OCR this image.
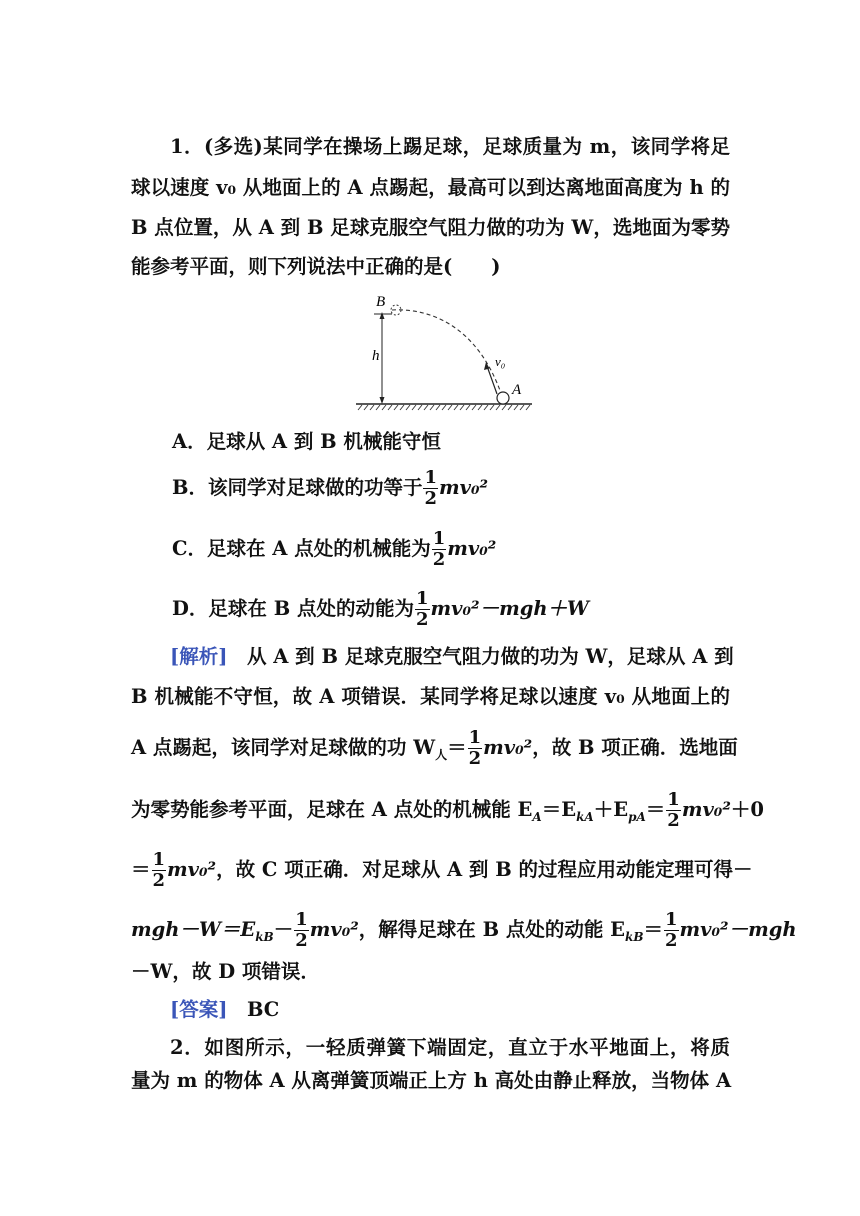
1．(多选)某同学在操场上踢足球，足球质量为 m，该同学将足
球以速度 v₀ 从地面上的 A 点踢起，最高可以到达离地面高度为 h 的
B 点位置，从 A 到 B 足球克服空气阻力做的功为 W，选地面为零势
能参考平面，则下列说法中正确的是(　　)
B
h	v₀
A
A．足球从 A 到 B 机械能守恒
B．该同学对足球做的功等于 $\frac{1}{2} mv_0^2$
C．足球在 A 点处的机械能为 $\frac{1}{2} mv_0^2$
D．足球在 B 点处的动能为 $\frac{1}{2} mv_0^2-mgh+W$
[解析]　 从 A 到 B 足球克服空气阻力做的功为 W，足球从 A 到
B 机械能不守恒，故 A 项错误．某同学将足球以速度 v₀ 从地面上的
A 点踢起，该同学对足球做的功 $W_人= \frac{1}{2} mv_0^2$，故 B 项正确．选地面
为零势能参考平面，足球在 A 点处的机械能 $E_A=E_{kA}+E_{pA}= \frac{1}{2} mv_0^2+0$
＝ $\frac{1}{2} mv_0^2$，故 C 项正确．对足球从 A 到 B 的过程应用动能定理可得－
$mgh-W=E_{kB}- \frac{1}{2} mv_0^2$，解得足球在 B 点处的动能 $E_{kB}= \frac{1}{2} mv_0^2-mgh$
－W，故 D 项错误．
[答案]　 BC
2．如图所示，一轻质弹簧下端固定，直立于水平地面上，将质
量为 m 的物体 A 从离弹簧顶端正上方 h 高处由静止释放，当物体 A
